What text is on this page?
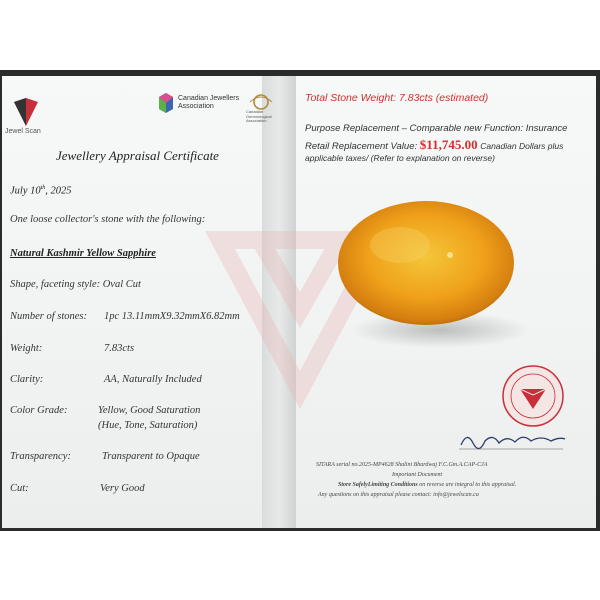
Jewel Scan
Canadian Jewellers Association
Canadian Gemmological Association
Jewellery Appraisal Certificate
July 10th, 2025
One loose collector's stone with the following:
Natural Kashmir Yellow Sapphire
Shape, faceting style: Oval Cut
Number of stones: 1pc 13.11mmX9.32mmX6.82mm
Weight:	7.83cts
Clarity:	AA, Naturally Included
Color Grade:	Yellow, Good Saturation
(Hue, Tone, Saturation)
Transparency:	Transparent to Opaque
Cut:	Very Good
Total Stone Weight: 7.83cts (estimated)
Purpose Replacement – Comparable new Function: Insurance
Retail Replacement Value: $11,745.00 Canadian Dollars plus
applicable taxes/ (Refer to explanation on reverse)
SITARA serial no.2025-MP4628 Shalini Bhardwaj F.C.Gm.A.CAP-CJA
Important Document
Store SafelyLimiting Conditions on reverse are integral to this appraisal.
Any questions on this appraisal please contact: info@jewelscan.ca
